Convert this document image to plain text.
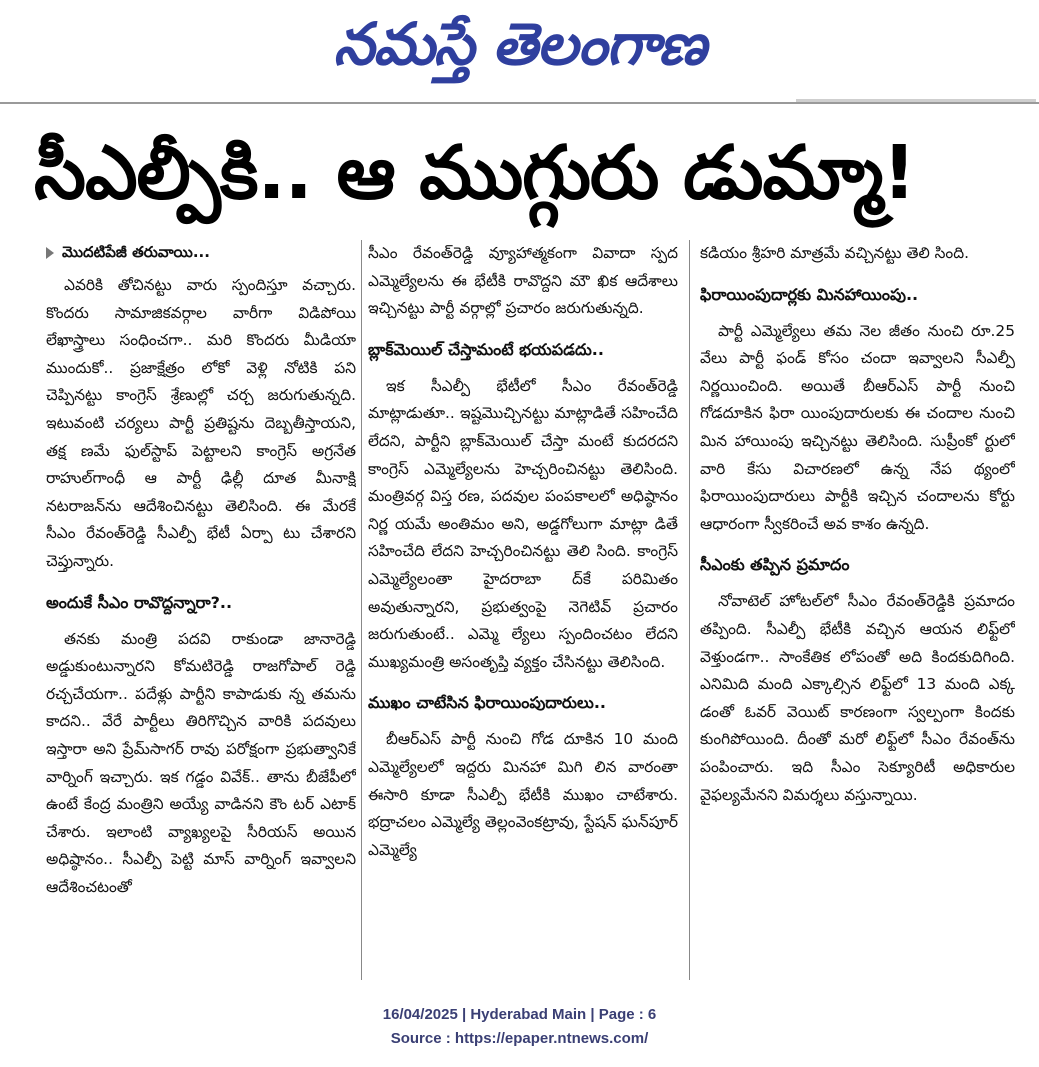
నమస్తే తెలంగాణ
సీఎల్పీకి.. ఆ ముగ్గురు డుమ్మా!
మొదటిపేజీ తరువాయి...

ఎవరికి తోచినట్టు వారు స్పందిస్తూ వచ్చారు. కొందరు సామాజికవర్గాల వారీగా విడిపోయి లేఖాస్త్రాలు సంధించగా.. మరి కొందరు మీడియా ముందుకో.. ప్రజాక్షేత్రం లోకో వెళ్లి నోటికి పని చెప్పినట్టు కాంగ్రెస్‌ శ్రేణుల్లో చర్చ జరుగుతున్నది. ఇటువంటి చర్యలు పార్టీ ప్రతిష్టను దెబ్బతీస్తాయని, తక్ష ణమే ఫుల్‌స్టాప్‌ పెట్టాలని కాంగ్రెస్‌ అగ్రనేత రాహుల్‌గాంధీ ఆ పార్టీ ఢిల్లీ దూత మీనాక్షి నటరాజన్‌ను ఆదేశించినట్టు తెలిసింది. ఈ మేరకే సీఎం రేవంత్‌రెడ్డి సీఎల్పీ భేటీ ఏర్పా టు చేశారని చెప్తున్నారు.

అందుకే సీఎం రావొద్దన్నారా?..

తనకు మంత్రి పదవి రాకుండా జానారెడ్డి అడ్డుకుంటున్నారని కోమటిరెడ్డి రాజగోపాల్‌ రెడ్డి రచ్చచేయగా.. పదేళ్లు పార్టీని కాపాడుకు న్న తమను కాదని.. వేరే పార్టీలు తిరిగొచ్చిన వారికి పదవులు ఇస్తారా అని ప్రేమ్‌సాగర్‌ రావు పరోక్షంగా ప్రభుత్వానికే వార్నింగ్‌ ఇచ్చారు. ఇక గడ్డం వివేక్‌.. తాను బీజేపీలో ఉంటే కేంద్ర మంత్రిని అయ్యే వాడినని కౌం టర్‌ ఎటాక్‌ చేశారు. ఇలాంటి వ్యాఖ్యలపై సీరియస్‌ అయిన అధిష్ఠానం.. సీఎల్పీ పెట్టి మాస్‌ వార్నింగ్‌ ఇవ్వాలని ఆదేశించటంతో

సీఎం రేవంత్‌రెడ్డి వ్యూహాత్మకంగా వివాదా స్పద ఎమ్మెల్యేలను ఈ భేటీకి రావొద్దని మౌ ఖిక ఆదేశాలు ఇచ్చినట్టు పార్టీ వర్గాల్లో ప్రచారం జరుగుతున్నది.

బ్లాక్‌మెయిల్‌ చేస్తామంటే భయపడదు..

ఇక సీఎల్పీ భేటీలో సీఎం రేవంత్‌రెడ్డి మాట్లాడుతూ.. ఇష్టమొచ్చినట్టు మాట్లాడితే సహించేది లేదని, పార్టీని బ్లాక్‌మెయిల్‌ చేస్తా మంటే కుదరదని కాంగ్రెస్‌ ఎమ్మెల్యేలను హెచ్చరించినట్టు తెలిసింది. మంత్రివర్గ విస్త రణ, పదవుల పంపకాలలో అధిష్ఠానం నిర్ణ యమే అంతిమం అని, అడ్డగోలుగా మాట్లా డితే సహించేది లేదని హెచ్చరించినట్టు తెలి సింది. కాంగ్రెస్‌ ఎమ్మెల్యేలంతా హైదరాబా ద్‌కే పరిమితం అవుతున్నారని, ప్రభుత్వంపై నెగెటివ్‌ ప్రచారం జరుగుతుంటే.. ఎమ్మె ల్యేలు స్పందించటం లేదని ముఖ్యమంత్రి అసంతృప్తి వ్యక్తం చేసినట్టు తెలిసింది.

ముఖం చాటేసిన ఫిరాయింపుదారులు..

బీఆర్‌ఎస్‌ పార్టీ నుంచి గోడ దూకిన 10 మంది ఎమ్మెల్యేలలో ఇద్దరు మినహా మిగి లిన వారంతా ఈసారి కూడా సీఎల్పీ భేటీకి ముఖం చాటేశారు. భద్రాచలం ఎమ్మెల్యే తెల్లంవెంకట్రావు, స్టేషన్‌ ఘన్‌పూర్‌ ఎమ్మెల్యే

కడియం శ్రీహరి మాత్రమే వచ్చినట్టు తెలి సింది.

ఫిరాయింపుదార్లకు మినహాయింపు..

పార్టీ ఎమ్మెల్యేలు తమ నెల జీతం నుంచి రూ.25 వేలు పార్టీ ఫండ్‌ కోసం చందా ఇవ్వాలని సీఎల్పీ నిర్ణయించింది. అయితే బీఆర్‌ఎస్‌ పార్టీ నుంచి గోడదూకిన ఫిరా యింపుదారులకు ఈ చందాల నుంచి మిన హాయింపు ఇచ్చినట్టు తెలిసింది. సుప్రీంకో ర్టులో వారి కేసు విచారణలో ఉన్న నేప థ్యంలో ఫిరాయింపుదారులు పార్టీకి ఇచ్చిన చందాలను కోర్టు ఆధారంగా స్వీకరించే అవ కాశం ఉన్నది.

సీఎంకు తప్పిన ప్రమాదం

నోవాటెల్‌ హోటల్‌లో సీఎం రేవంత్‌రెడ్డికి ప్రమాదం తప్పింది. సీఎల్పీ భేటీకి వచ్చిన ఆయన లిఫ్ట్‌లో వెళ్తుండగా.. సాంకేతిక లోపంతో అది కిందకుదిగింది. ఎనిమిది మంది ఎక్కాల్సిన లిఫ్ట్‌లో 13 మంది ఎక్క డంతో ఓవర్‌ వెయిట్‌ కారణంగా స్వల్పంగా కిందకు కుంగిపోయింది. దీంతో మరో లిఫ్ట్‌లో సీఎం రేవంత్‌ను పంపించారు. ఇది సీఎం సెక్యూరిటీ అధికారుల వైఫల్యమేనని విమర్శలు వస్తున్నాయి.

16/04/2025 | Hyderabad Main | Page : 6
Source : https://epaper.ntnews.com/
